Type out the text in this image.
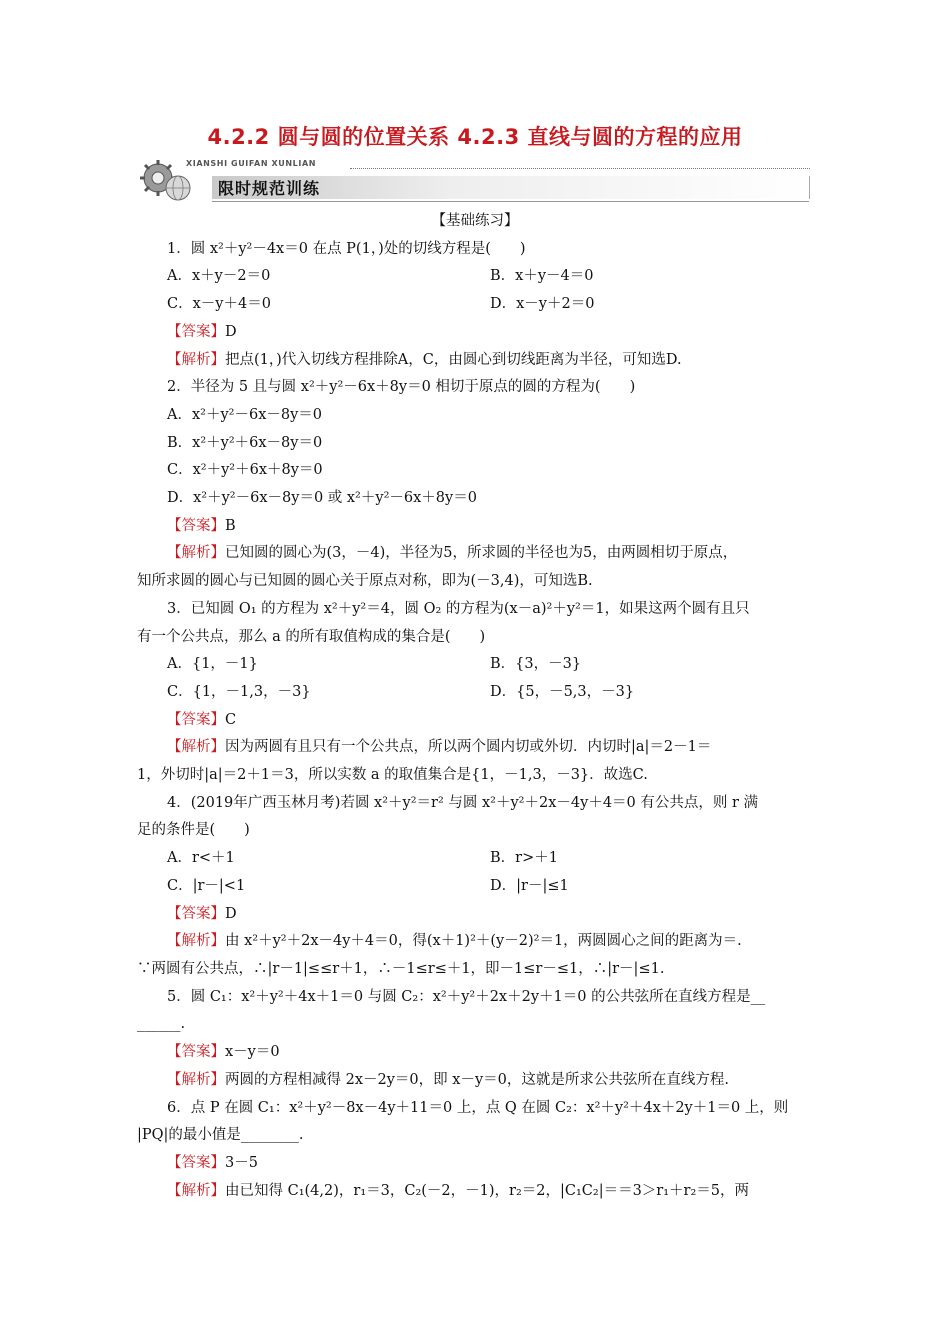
4.2.2 圆与圆的位置关系 4.2.3 直线与圆的方程的应用
XIANSHI GUIFAN XUNLIAN
限时规范训练
【基础练习】
1．圆 x²＋y²－4x＝0 在点 P(1，)处的切线方程是(　　)
A．x＋y－2＝0	B．x＋y－4＝0
C．x－y＋4＝0	D．x－y＋2＝0
【答案】D
【解析】把点(1，)代入切线方程排除A，C，由圆心到切线距离为半径，可知选D.
2．半径为 5 且与圆 x²＋y²－6x＋8y＝0 相切于原点的圆的方程为(　　)
A．x²＋y²－6x－8y＝0
B．x²＋y²＋6x－8y＝0
C．x²＋y²＋6x＋8y＝0
D．x²＋y²－6x－8y＝0 或 x²＋y²－6x＋8y＝0
【答案】B
【解析】已知圆的圆心为(3，－4)，半径为5，所求圆的半径也为5，由两圆相切于原点，
知所求圆的圆心与已知圆的圆心关于原点对称，即为(－3,4)，可知选B.
3．已知圆 O₁ 的方程为 x²＋y²＝4，圆 O₂ 的方程为(x－a)²＋y²＝1，如果这两个圆有且只
有一个公共点，那么 a 的所有取值构成的集合是(　　)
A．{1，－1}	B．{3，－3}
C．{1，－1,3，－3}	D．{5，－5,3，－3}
【答案】C
【解析】因为两圆有且只有一个公共点，所以两个圆内切或外切．内切时|a|＝2－1＝
1，外切时|a|＝2＋1＝3，所以实数 a 的取值集合是{1，－1,3，－3}．故选C.
4．(2019年广西玉林月考)若圆 x²＋y²＝r² 与圆 x²＋y²＋2x－4y＋4＝0 有公共点，则 r 满
足的条件是(　　)
A．r<＋1	B．r>＋1
C．|r－|<1	D．|r－|≤1
【答案】D
【解析】由 x²＋y²＋2x－4y＋4＝0，得(x＋1)²＋(y－2)²＝1，两圆圆心之间的距离为＝.
∵两圆有公共点，∴|r－1|≤≤r＋1，∴－1≤r≤＋1，即－1≤r－≤1，∴|r－|≤1.
5．圆 C₁：x²＋y²＋4x＋1＝0 与圆 C₂：x²＋y²＋2x＋2y＋1＝0 的公共弦所在直线方程是__
______.
【答案】x－y＝0
【解析】两圆的方程相减得 2x－2y＝0，即 x－y＝0，这就是所求公共弦所在直线方程.
6．点 P 在圆 C₁：x²＋y²－8x－4y＋11＝0 上，点 Q 在圆 C₂：x²＋y²＋4x＋2y＋1＝0 上，则
|PQ|的最小值是________.
【答案】3－5
【解析】由已知得 C₁(4,2)，r₁＝3，C₂(－2，－1)，r₂＝2，|C₁C₂|＝＝3＞r₁＋r₂＝5，两
